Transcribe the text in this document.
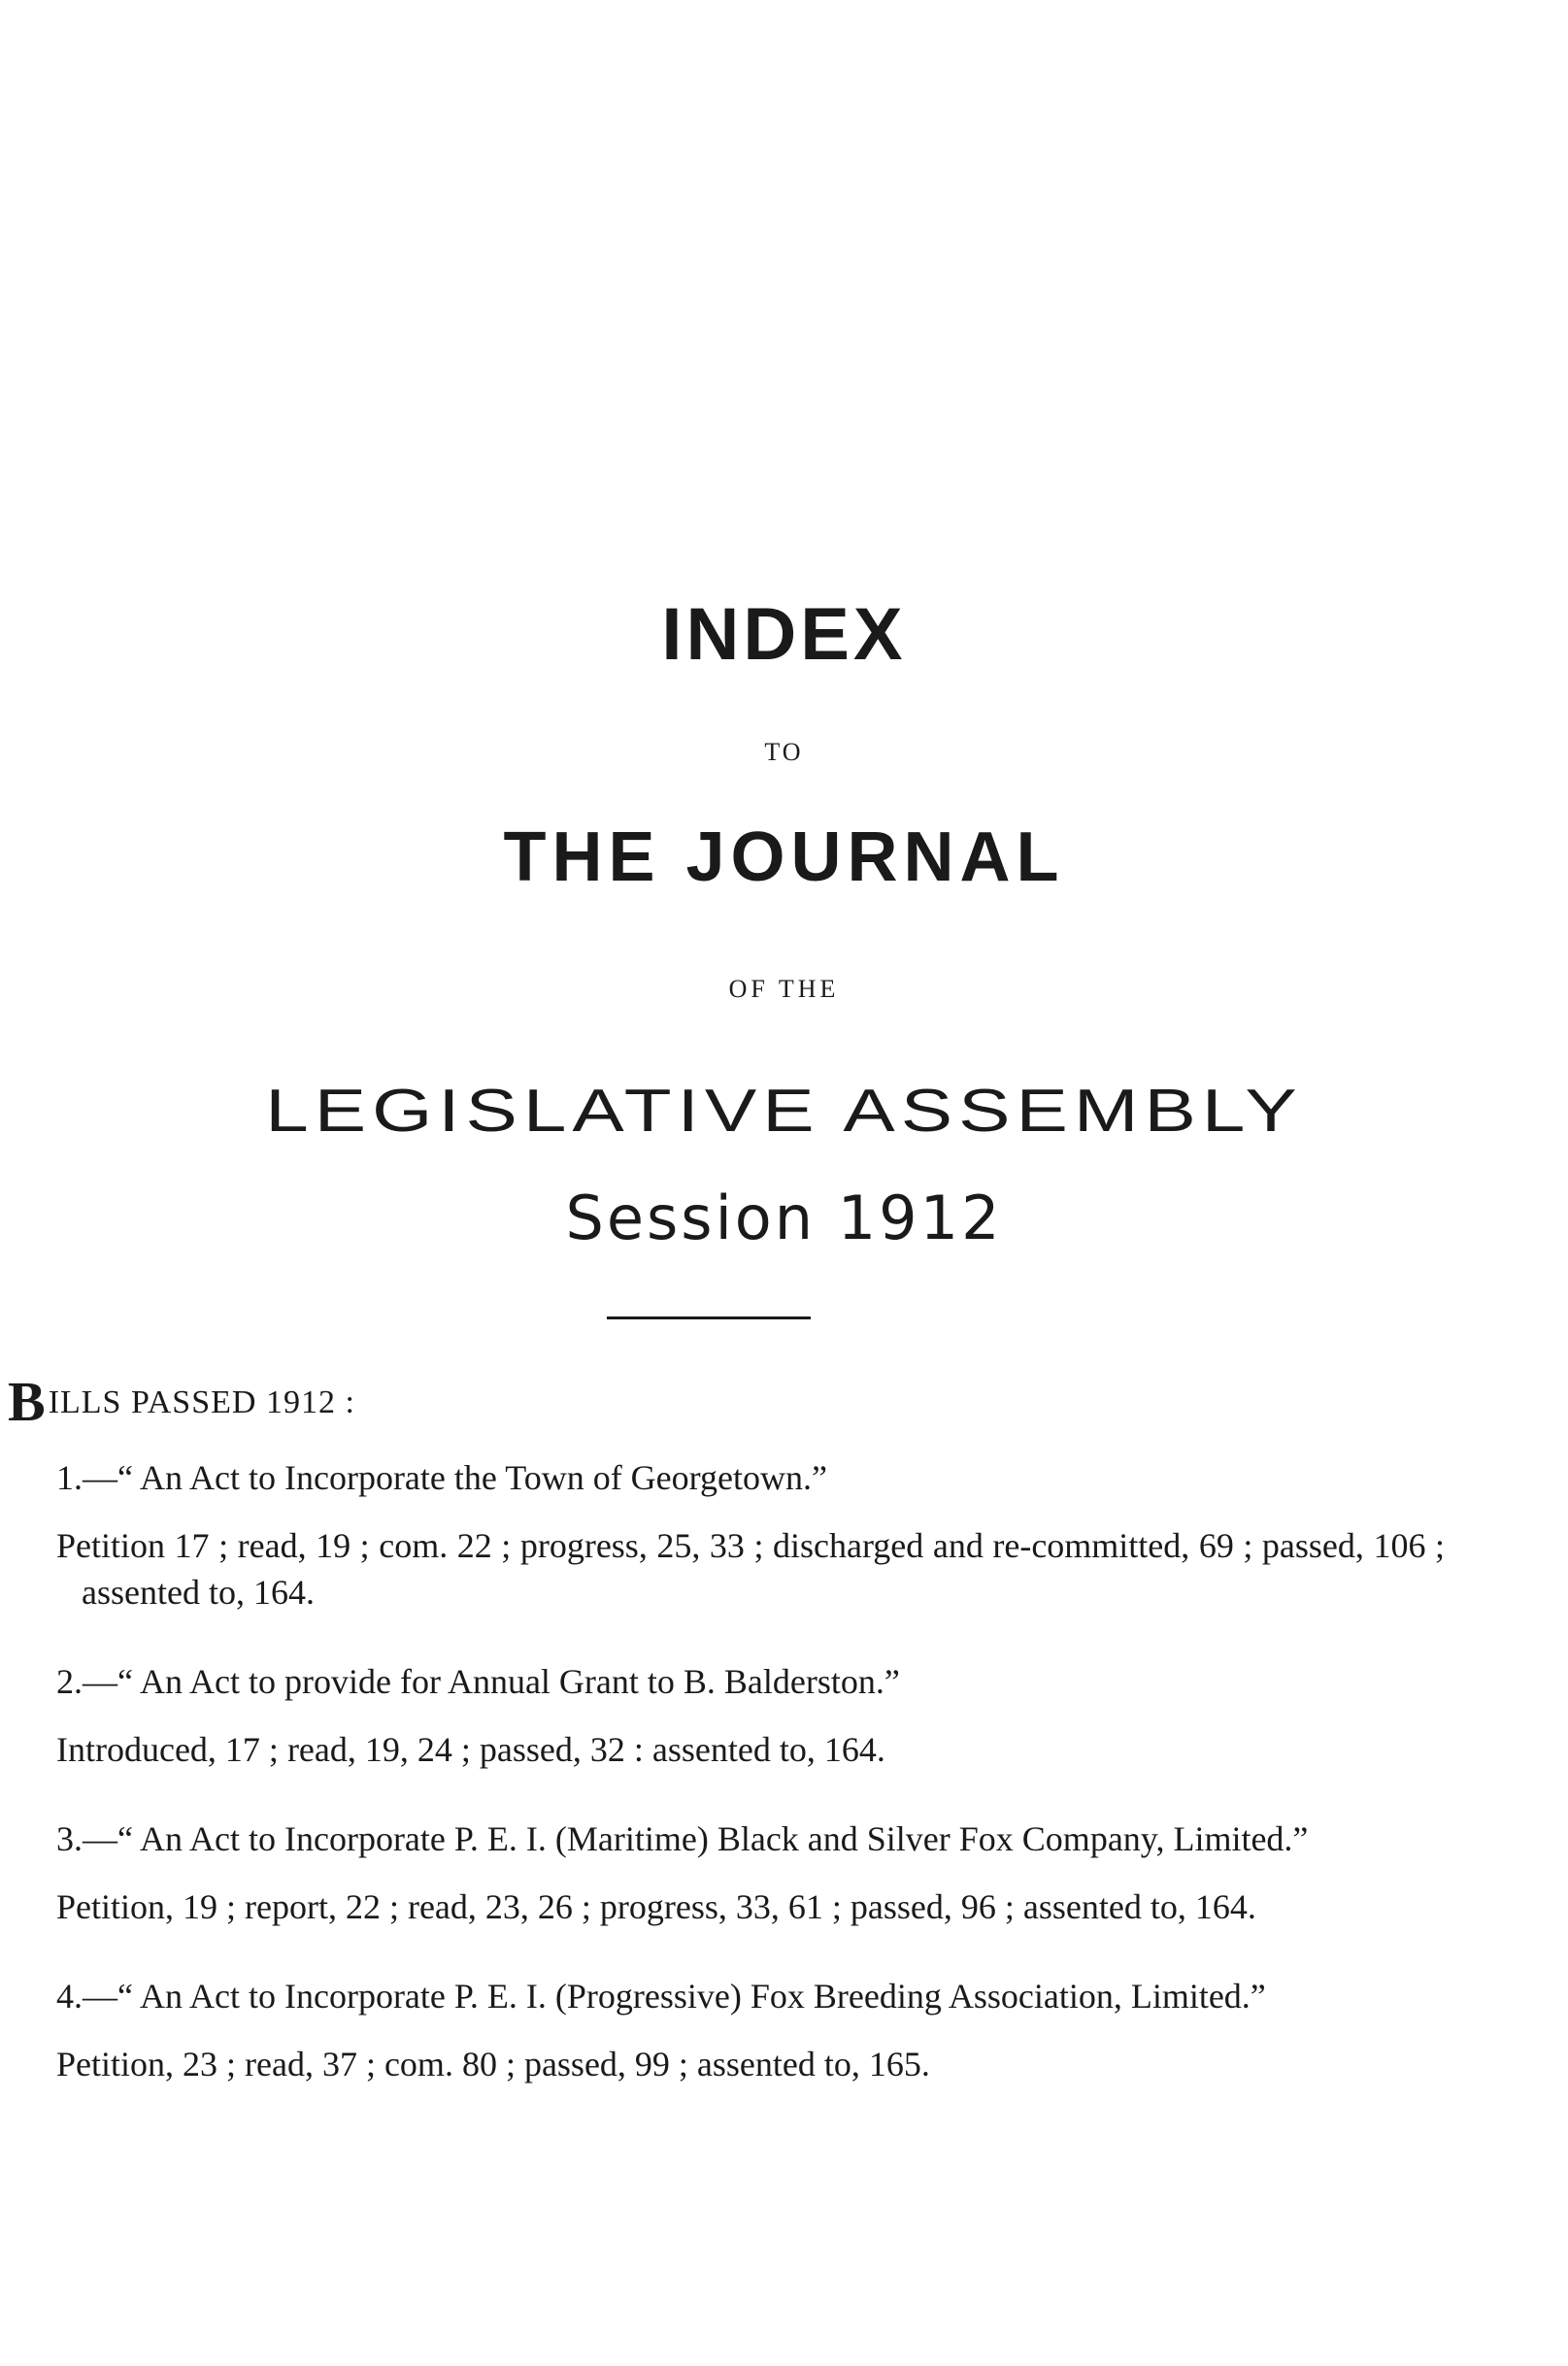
INDEX
TO
THE JOURNAL
OF THE
LEGISLATIVE ASSEMBLY
Session 1912
BILLS PASSED 1912 :

1.—“ An Act to Incorporate the Town of Georgetown.”

Petition 17 ; read, 19 ; com. 22 ; progress, 25, 33 ; discharged and re-committed, 69 ; passed, 106 ; assented to, 164.

2.—“ An Act to provide for Annual Grant to B. Balderston.”

Introduced, 17 ; read, 19, 24 ; passed, 32 : assented to, 164.

3.—“ An Act to Incorporate P. E. I. (Maritime) Black and Silver Fox Company, Limited.”

Petition, 19 ; report, 22 ; read, 23, 26 ; progress, 33, 61 ; passed, 96 ; assented to, 164.

4.—“ An Act to Incorporate P. E. I. (Progressive) Fox Breeding Association, Limited.”

Petition, 23 ; read, 37 ; com. 80 ; passed, 99 ; assented to, 165.
